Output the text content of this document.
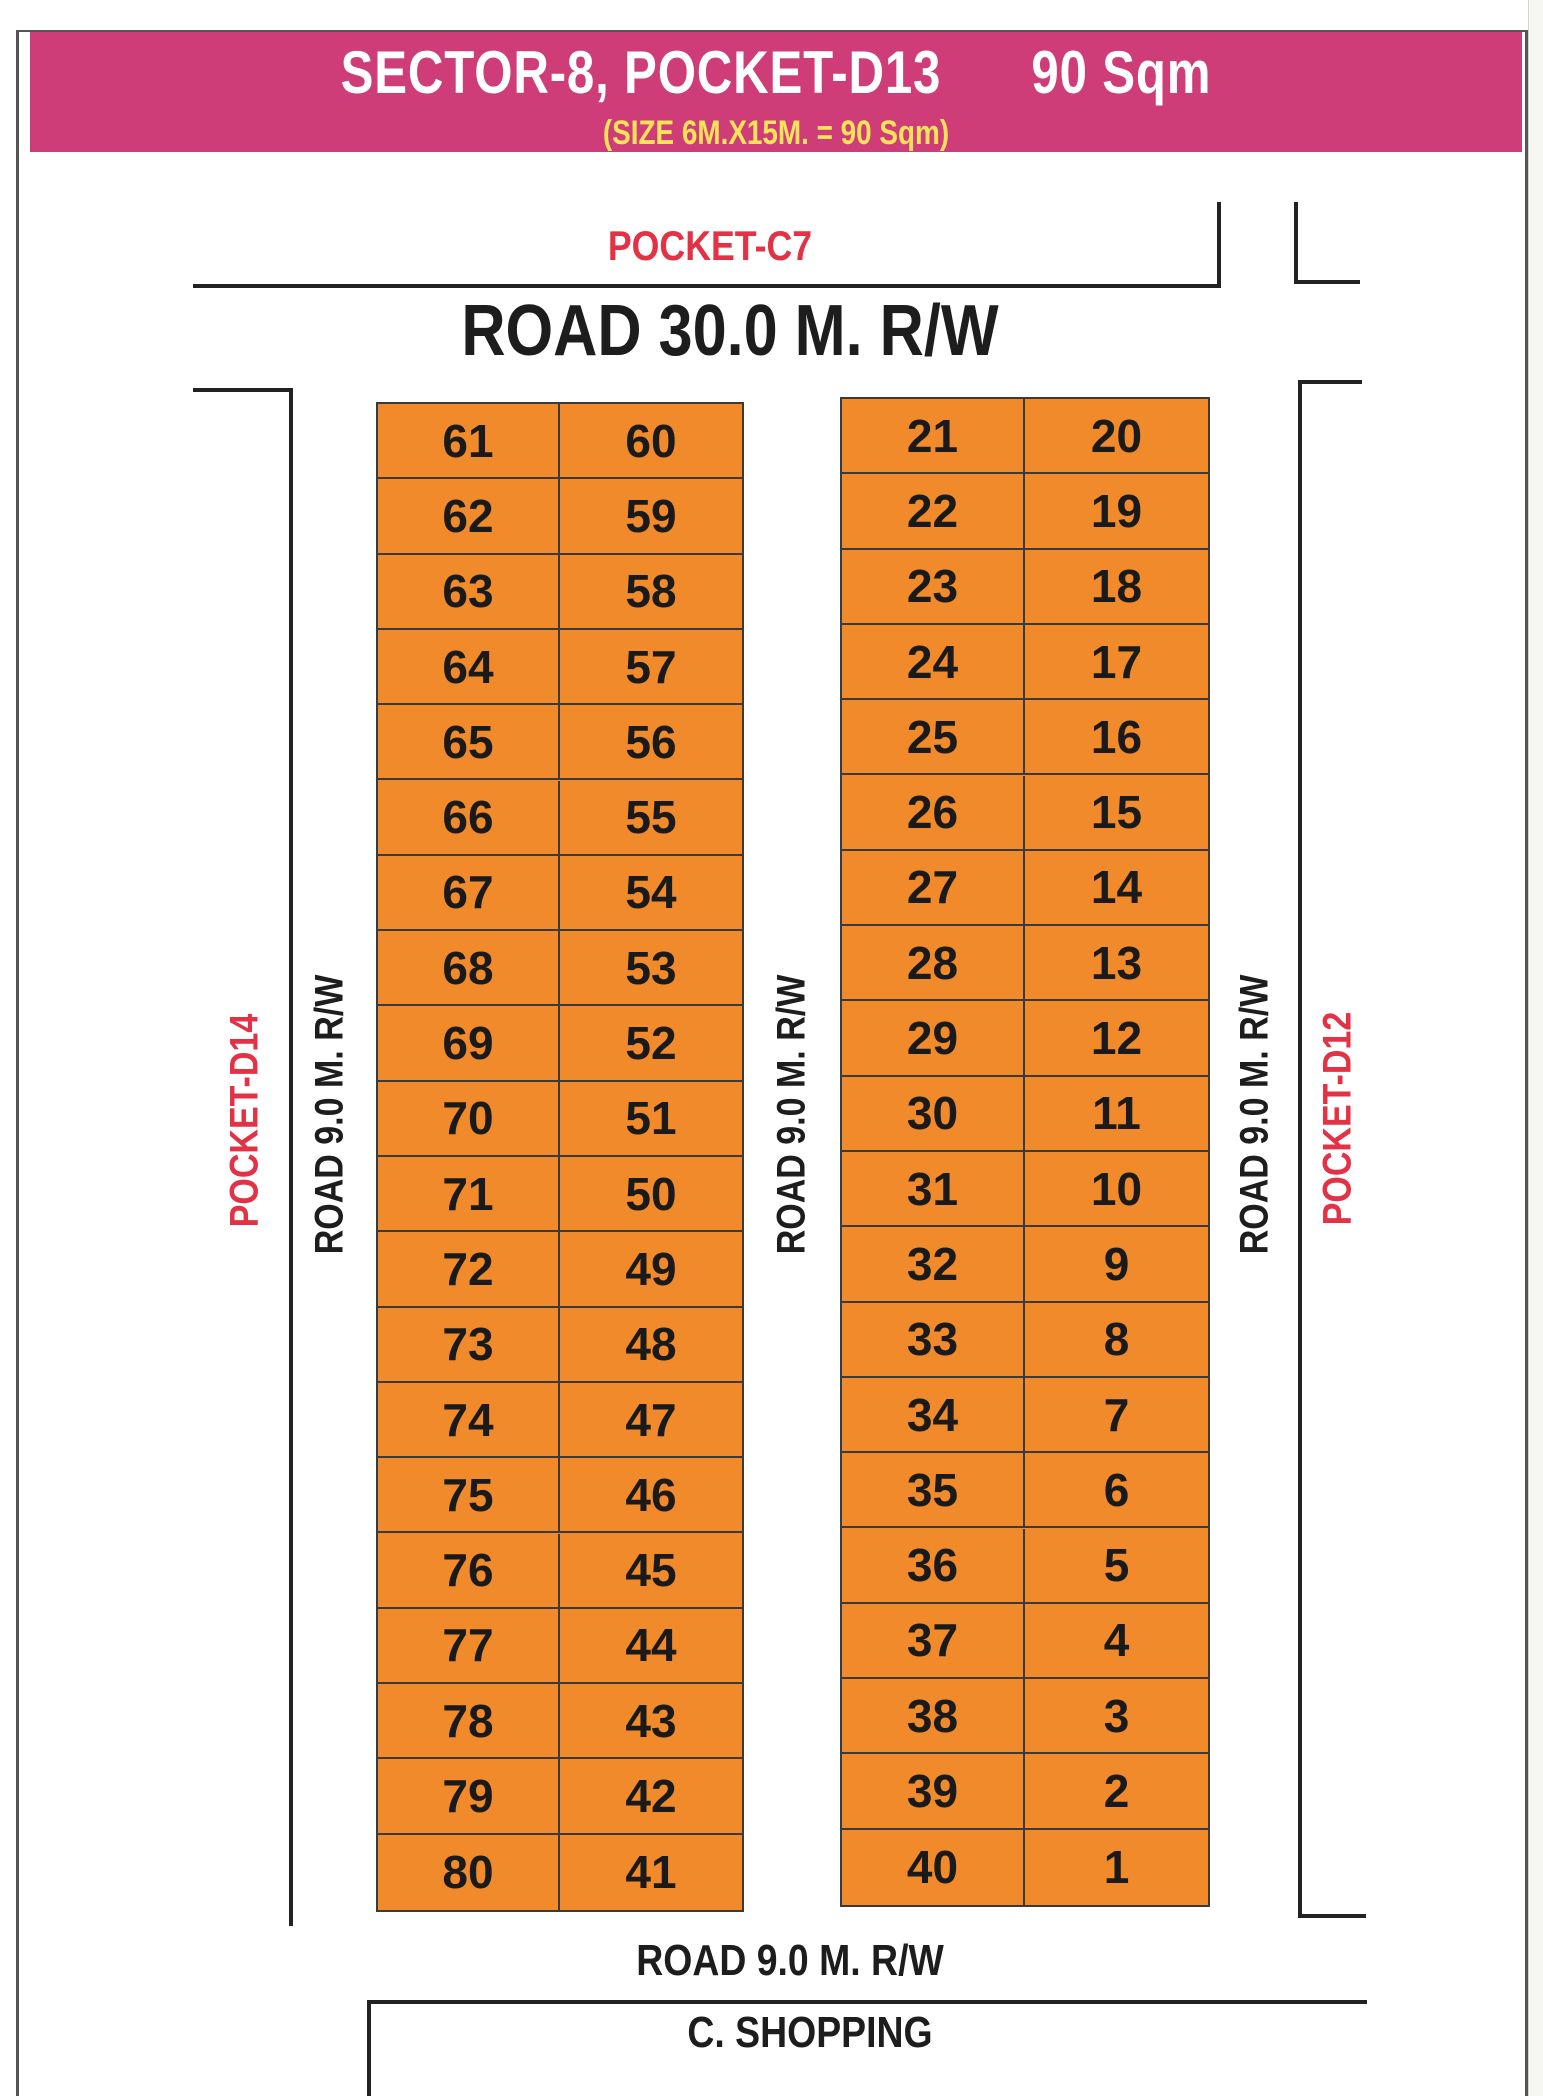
SECTOR-8, POCKET-D13 90 Sqm
(SIZE 6M.X15M. = 90 Sqm)
POCKET-C7
ROAD 30.0 M. R/W
POCKET-D14 ROAD 9.0 M. R/W
61	60
62	59
63	58
64	57
65	56
66	55
67	54
68	53
69	52
70	51
71	50
72	49
73	48
74	47
75	46
76	45
77	44
78	43
79	42
80	41
ROAD 9.0 M. R/W
21	20
22	19
23	18
24	17
25	16
26	15
27	14
28	13
29	12
30	11
31	10
32	9
33	8
34	7
35	6
36	5
37	4
38	3
39	2
40	1
ROAD 9.0 M. R/W POCKET-D12
ROAD 9.0 M. R/W
C. SHOPPING
